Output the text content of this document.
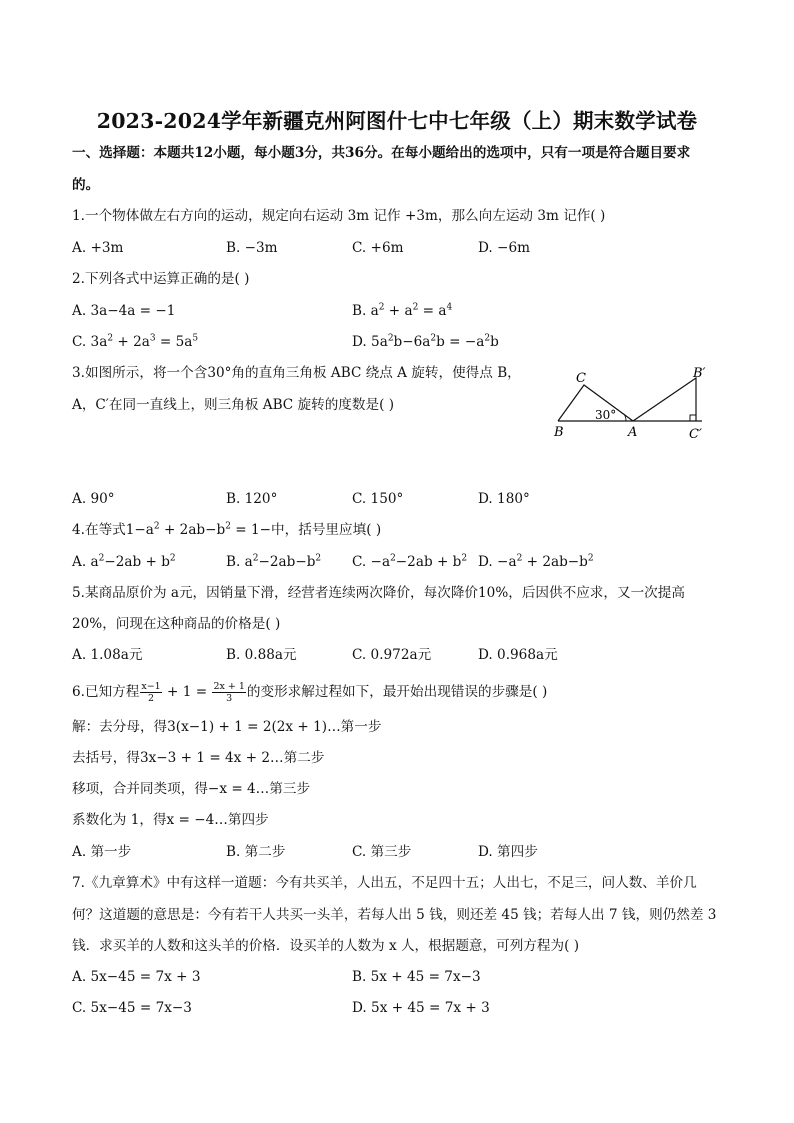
2023-2024学年新疆克州阿图什七中七年级（上）期末数学试卷
一、选择题：本题共12小题，每小题3分，共36分。在每小题给出的选项中，只有一项是符合题目要求
的。
1.一个物体做左右方向的运动，规定向右运动 3m 记作 +3m，那么向左运动 3m 记作( )
A. +3m	B. −3m	C. +6m	D. −6m
2.下列各式中运算正确的是( )
A. 3a−4a = −1	B. $a^2 + a^2 = a^4$
C. $3a^2 + 2a^3 = 5a^5$	D. $5a^2b-6a^2b = -a^2b$
3.如图所示，将一个含30°角的直角三角板 ABC 绕点 A 旋转，使得点 B，
A，C′在同一直线上，则三角板 ABC 旋转的度数是( )
C
B	A
B′
C′
30°
A. 90°	B. 120°	C. 150°	D. 180°
4.在等式$1-a^2 + 2ab-b^2 = 1-$中，括号里应填( )
A. $a^2-2ab + b^2$	B. $a^2-2ab-b^2$ C. $-a^2-2ab + b^2$ D. $-a^2 + 2ab-b^2$
5.某商品原价为 a元，因销量下滑，经营者连续两次降价，每次降价10%，后因供不应求，又一次提高
20%，问现在这种商品的价格是( )
A. 1.08a元	B. 0.88a元	C. 0.972a元	D. 0.968a元
6.已知方程 $\frac{x-1}{2} + 1 = \frac{2x + 1}{3}$ 的变形求解过程如下，最开始出现错误的步骤是( )
解：去分母，得3(x−1) + 1 = 2(2x + 1)…第一步
去括号，得3x−3 + 1 = 4x + 2…第二步
移项，合并同类项，得−x = 4…第三步
系数化为 1，得x = −4…第四步
A. 第一步	B. 第二步	C. 第三步	D. 第四步
7.《九章算术》中有这样一道题：今有共买羊，人出五，不足四十五；人出七，不足三，问人数、羊价几
何？这道题的意思是：今有若干人共买一头羊，若每人出 5 钱，则还差 45 钱；若每人出 7 钱，则仍然差 3
钱．求买羊的人数和这头羊的价格．设买羊的人数为 x 人，根据题意，可列方程为( )
A. 5x−45 = 7x + 3	B. 5x + 45 = 7x−3
C. 5x−45 = 7x−3	D. 5x + 45 = 7x + 3
